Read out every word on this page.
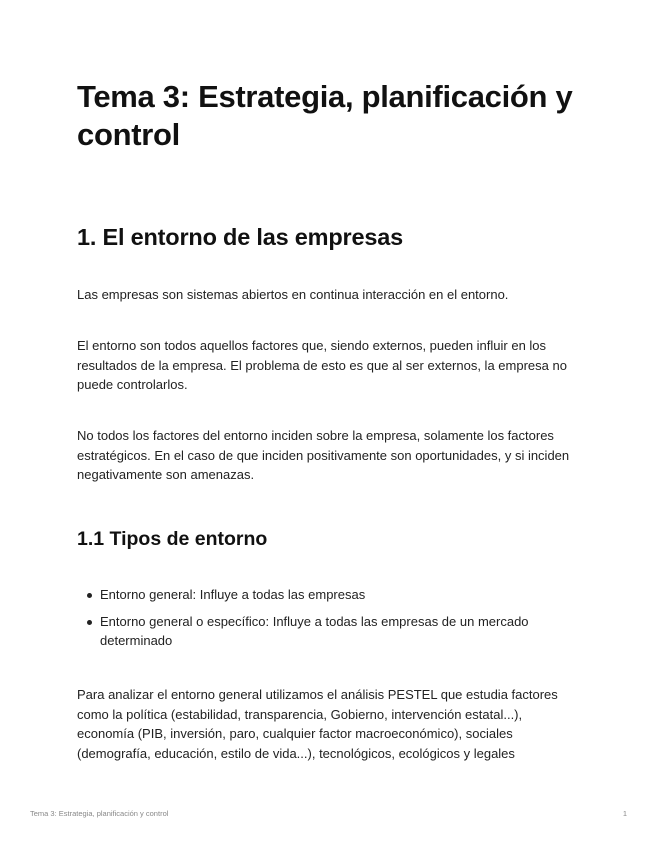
Tema 3: Estrategia, planificación y control
1. El entorno de las empresas

Las empresas son sistemas abiertos en continua interacción en el entorno.

El entorno son todos aquellos factores que, siendo externos, pueden influir en los resultados de la empresa. El problema de esto es que al ser externos, la empresa no puede controlarlos.

No todos los factores del entorno inciden sobre la empresa, solamente los factores estratégicos. En el caso de que inciden positivamente son oportunidades, y si inciden negativamente son amenazas.

1.1 Tipos de entorno
Entorno general: Influye a todas las empresas
Entorno general o específico: Influye a todas las empresas de un mercado determinado

Para analizar el entorno general utilizamos el análisis PESTEL que estudia factores como la política (estabilidad, transparencia, Gobierno, intervención estatal...), economía (PIB, inversión, paro, cualquier factor macroeconómico), sociales (demografía, educación, estilo de vida...), tecnológicos, ecológicos y legales

Tema 3: Estrategia, planificación y control	1
